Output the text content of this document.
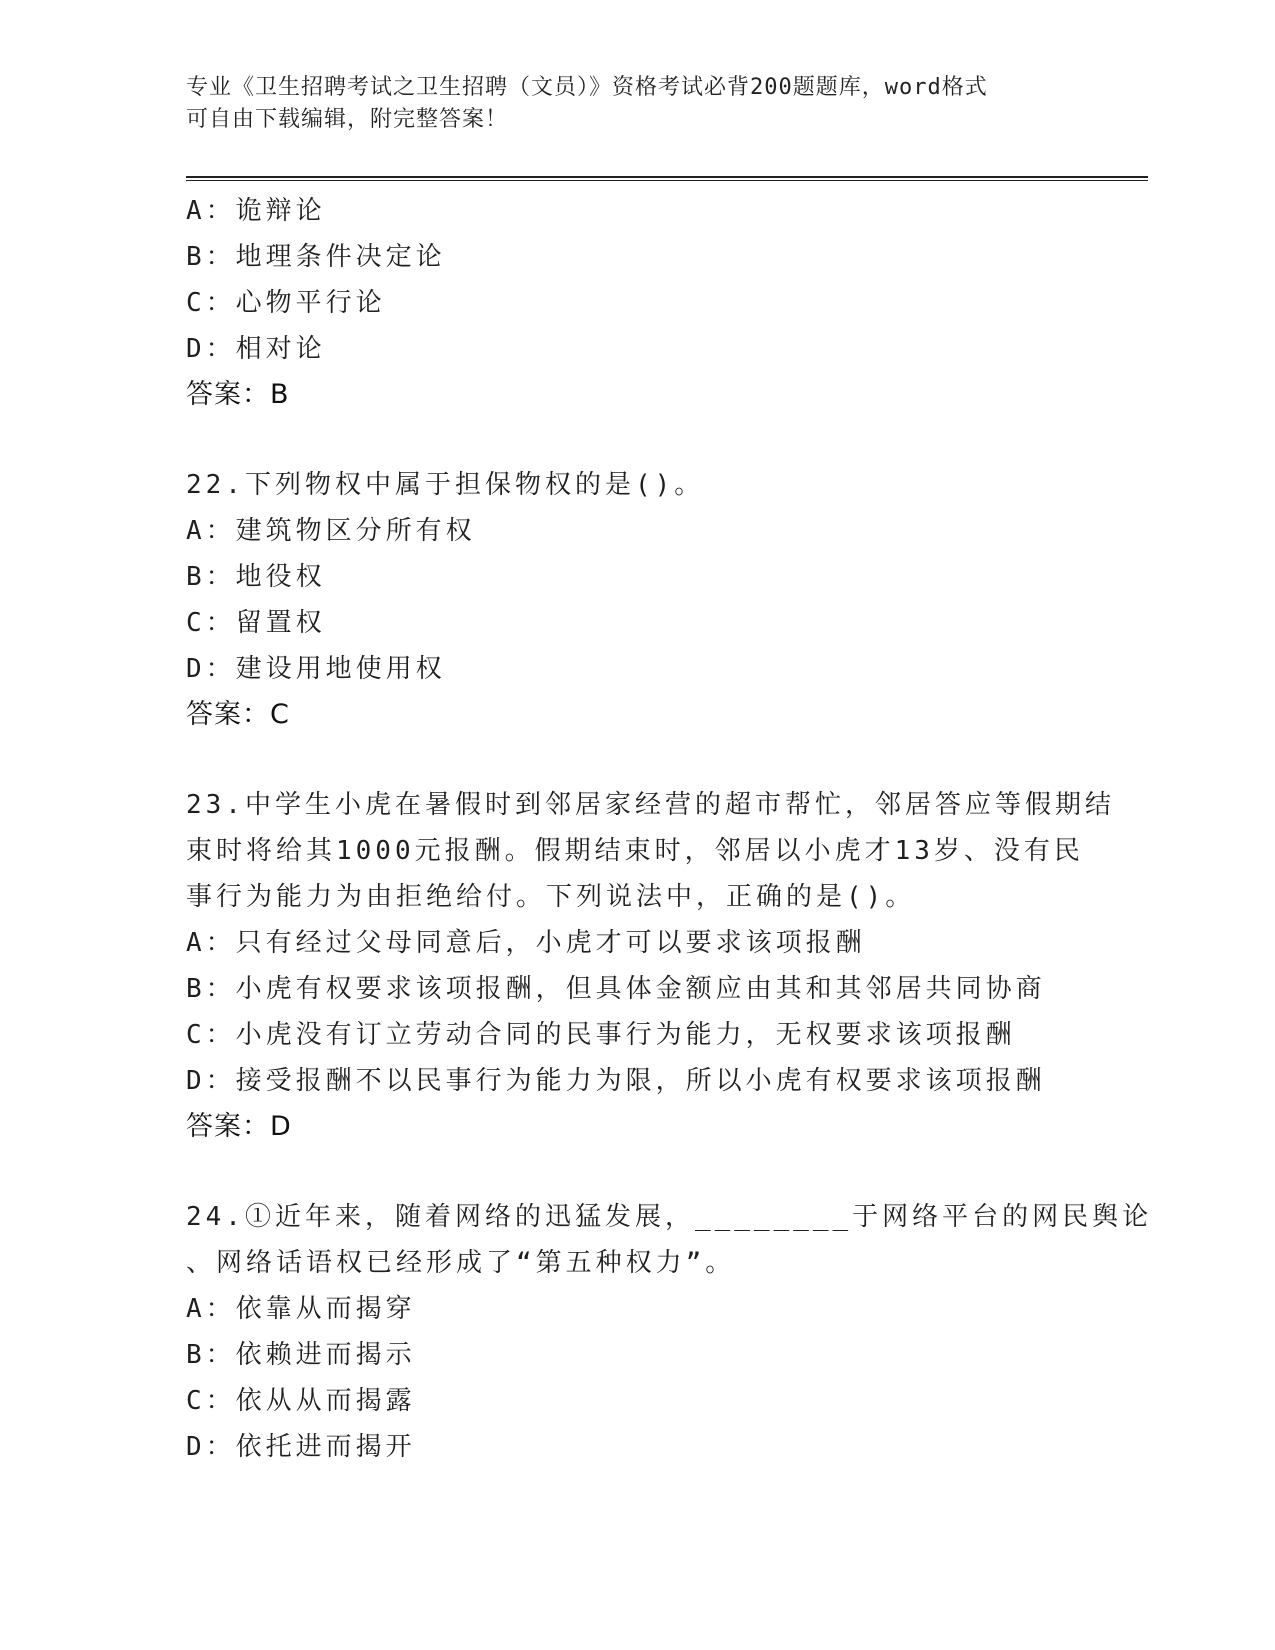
专业《卫生招聘考试之卫生招聘（文员）》资格考试必背200题题库，word格式
可自由下载编辑，附完整答案！
A：诡辩论
B：地理条件决定论
C：心物平行论
D：相对论
答案：B
22.下列物权中属于担保物权的是()。
A：建筑物区分所有权
B：地役权
C：留置权
D：建设用地使用权
答案：C
23.中学生小虎在暑假时到邻居家经营的超市帮忙，邻居答应等假期结
束时将给其1000元报酬。假期结束时，邻居以小虎才13岁、没有民
事行为能力为由拒绝给付。下列说法中，正确的是()。
A：只有经过父母同意后，小虎才可以要求该项报酬
B：小虎有权要求该项报酬，但具体金额应由其和其邻居共同协商
C：小虎没有订立劳动合同的民事行为能力，无权要求该项报酬
D：接受报酬不以民事行为能力为限，所以小虎有权要求该项报酬
答案：D
24.①近年来，随着网络的迅猛发展，________于网络平台的网民舆论
、网络话语权已经形成了“第五种权力”。
A：依靠从而揭穿
B：依赖进而揭示
C：依从从而揭露
D：依托进而揭开
